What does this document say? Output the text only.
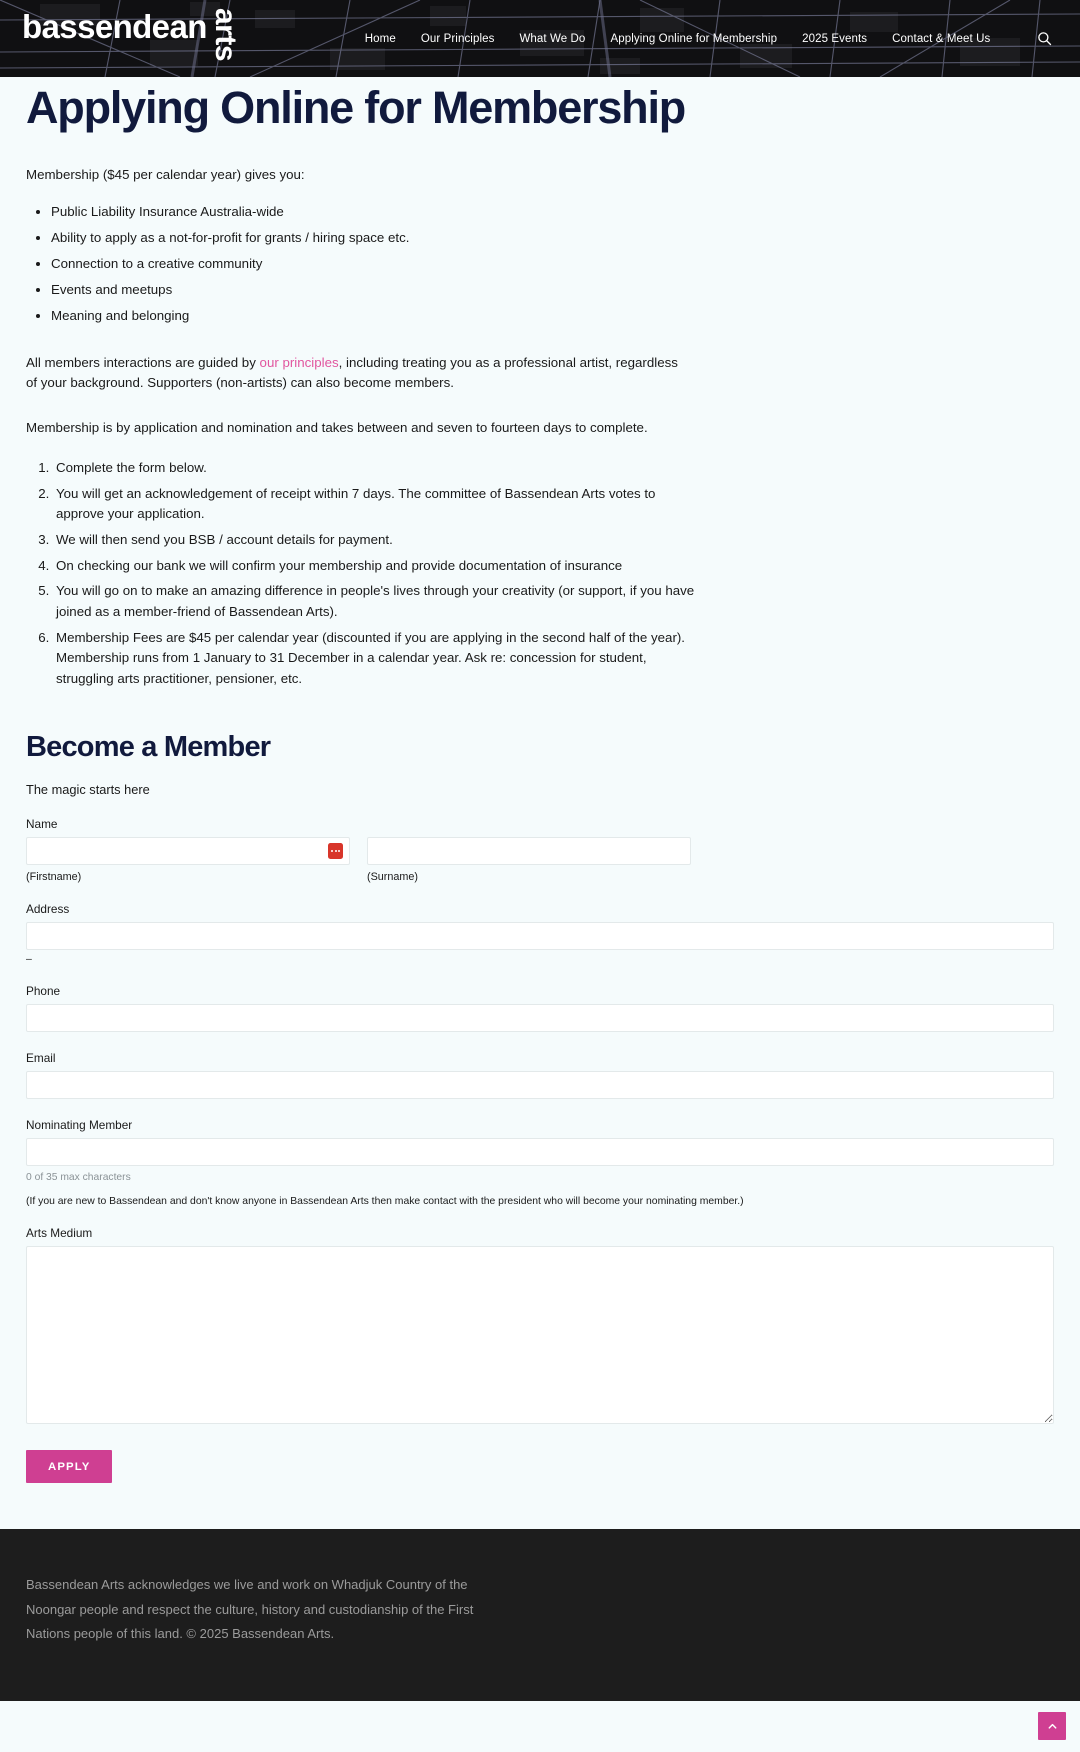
bassendean arts	Home Our Principles What We Do Applying Online for Membership 2025 Events Contact & Meet Us
Applying Online for Membership

Membership ($45 per calendar year) gives you:

• Public Liability Insurance Australia-wide
• Ability to apply as a not-for-profit for grants / hiring space etc.
• Connection to a creative community
• Events and meetups
• Meaning and belonging

All members interactions are guided by our principles, including treating you as a professional artist, regardless of your background. Supporters (non-artists) can also become members.

Membership is by application and nomination and takes between and seven to fourteen days to complete.

1. Complete the form below.
2. You will get an acknowledgement of receipt within 7 days. The committee of Bassendean Arts votes to approve your application.
3. We will then send you BSB / account details for payment.
4. On checking our bank we will confirm your membership and provide documentation of insurance
5. You will go on to make an amazing difference in people's lives through your creativity (or support, if you have joined as a member-friend of Bassendean Arts).
6. Membership Fees are $45 per calendar year (discounted if you are applying in the second half of the year). Membership runs from 1 January to 31 December in a calendar year. Ask re: concession for student, struggling arts practitioner, pensioner, etc.
Become a Member

The magic starts here

Name
(Firstname)	(Surname)
Address
–
Phone
Email
Nominating Member
0 of 35 max characters
(If you are new to Bassendean and don't know anyone in Bassendean Arts then make contact with the president who will become your nominating member.)
Arts Medium
APPLY

Bassendean Arts acknowledges we live and work on Whadjuk Country of the Noongar people and respect the culture, history and custodianship of the First Nations people of this land. © 2025 Bassendean Arts.
